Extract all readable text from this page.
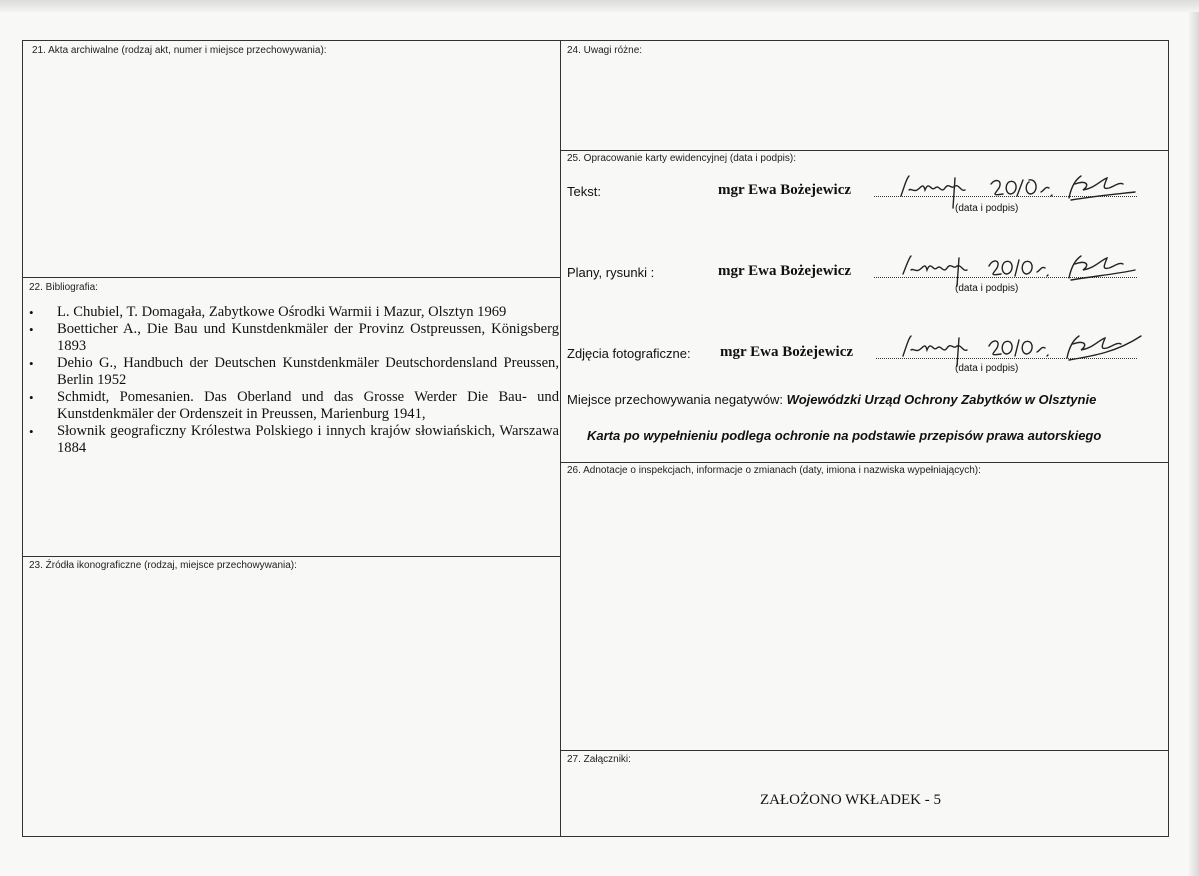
21. Akta archiwalne (rodzaj akt, numer i miejsce przechowywania):
22. Bibliografia:
23. Źródła ikonograficzne (rodzaj, miejsce przechowywania):
24. Uwagi różne:
25. Opracowanie karty ewidencyjnej (data i podpis):
26. Adnotacje o inspekcjach, informacje o zmianach (daty, imiona i nazwiska wypełniających):
27. Załączniki:
• L. Chubiel, T. Domagała, Zabytkowe Ośrodki Warmii i Mazur, Olsztyn 1969
• Boetticher A., Die Bau und Kunstdenkmäler der Provinz Ostpreussen, Königsberg 1893
• Dehio G., Handbuch der Deutschen Kunstdenkmäler Deutschordensland Preussen, Berlin 1952
• Schmidt, Pomesanien. Das Oberland und das Grosse Werder Die Bau- und Kunstdenkmäler der Ordenszeit in Preussen, Marienburg 1941,
• Słownik geograficzny Królestwa Polskiego i innych krajów słowiańskich, Warszawa 1884
Tekst:	mgr Ewa Bożejewicz
(data i podpis)
Plany, rysunki :	mgr Ewa Bożejewicz
(data i podpis)
Zdjęcia fotograficzne: mgr Ewa Bożejewicz
(data i podpis)
Miejsce przechowywania negatywów: Wojewódzki Urząd Ochrony Zabytków w Olsztynie
Karta po wypełnieniu podlega ochronie na podstawie przepisów prawa autorskiego
ZAŁOŻONO WKŁADEK - 5
